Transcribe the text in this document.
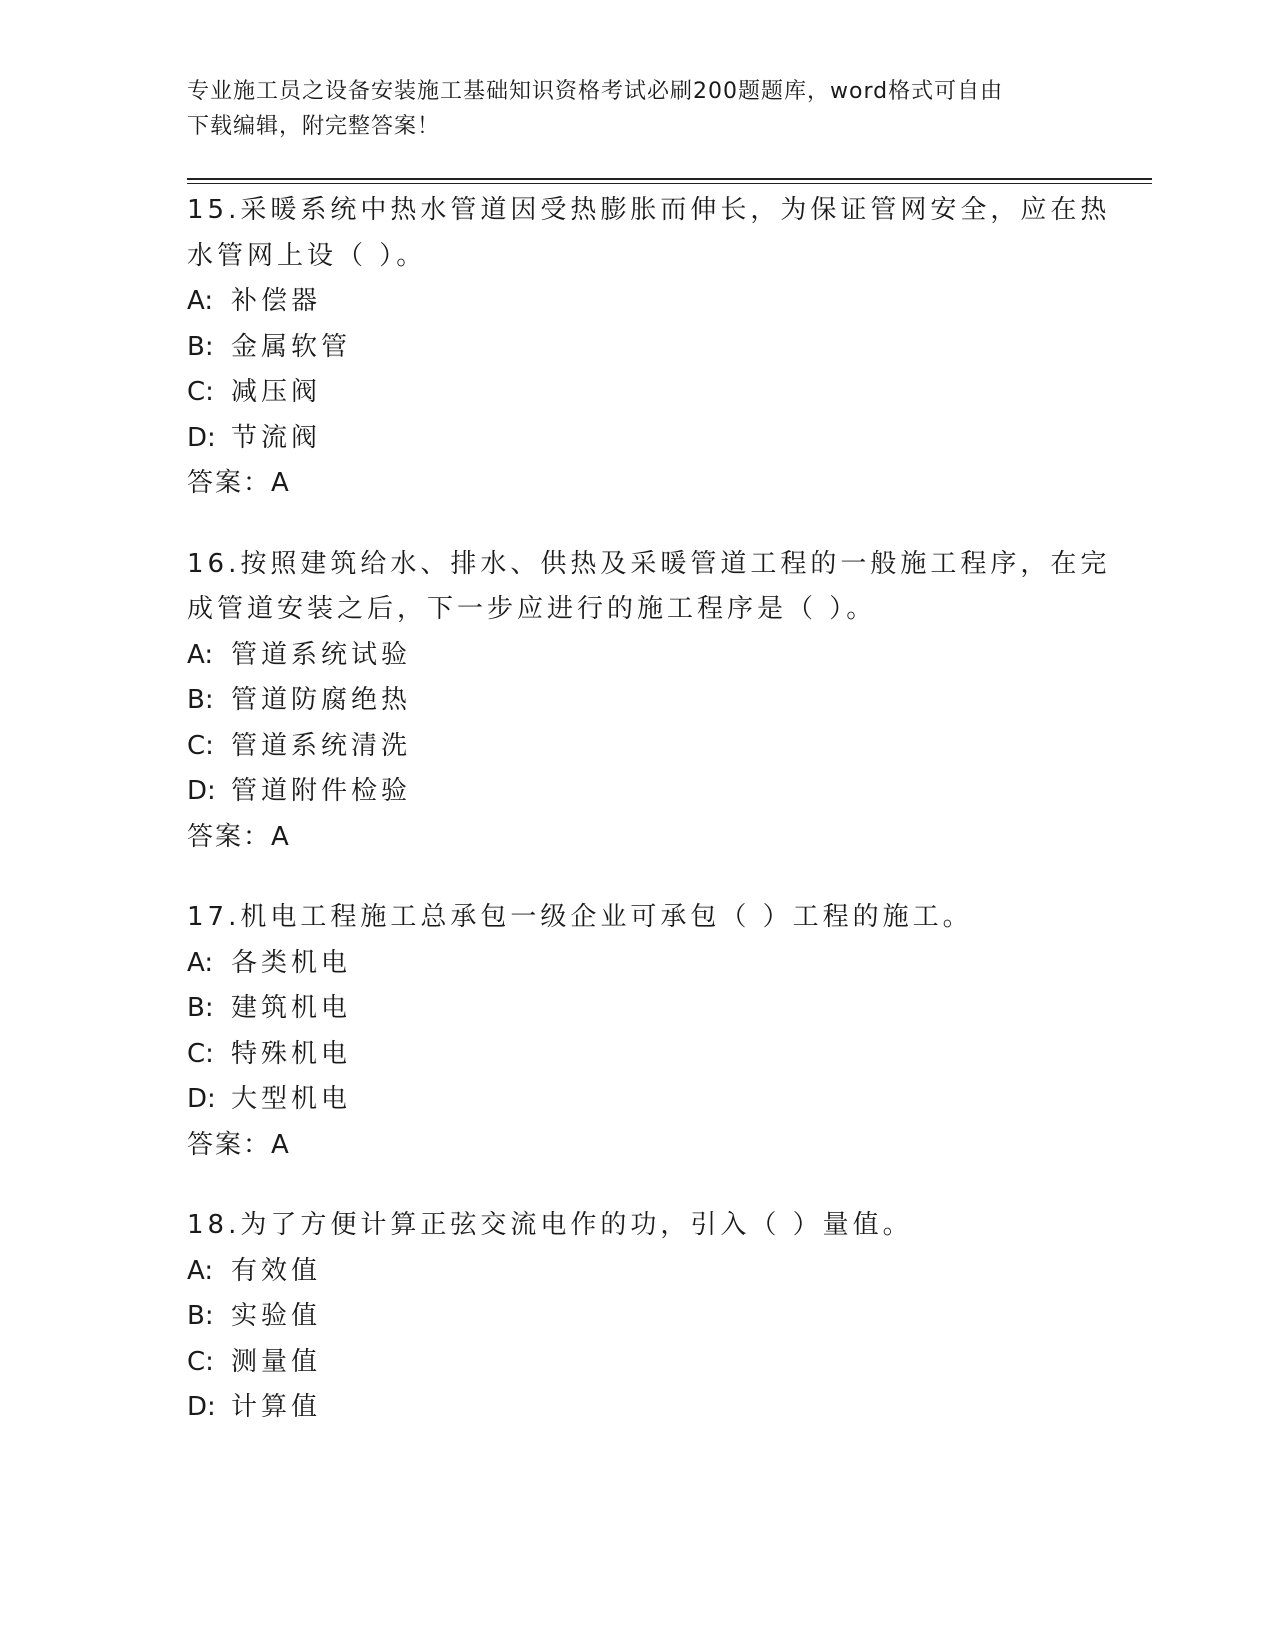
专业施工员之设备安装施工基础知识资格考试必刷200题题库，word格式可自由
下载编辑，附完整答案！
15.采暖系统中热水管道因受热膨胀而伸长，为保证管网安全，应在热
水管网上设（ ）。
A: 补偿器
B: 金属软管
C: 减压阀
D: 节流阀
答案：A
16.按照建筑给水、排水、供热及采暖管道工程的一般施工程序，在完
成管道安装之后，下一步应进行的施工程序是（ ）。
A: 管道系统试验
B: 管道防腐绝热
C: 管道系统清洗
D: 管道附件检验
答案：A
17.机电工程施工总承包一级企业可承包（ ）工程的施工。
A: 各类机电
B: 建筑机电
C: 特殊机电
D: 大型机电
答案：A
18.为了方便计算正弦交流电作的功，引入（ ）量值。
A: 有效值
B: 实验值
C: 测量值
D: 计算值
